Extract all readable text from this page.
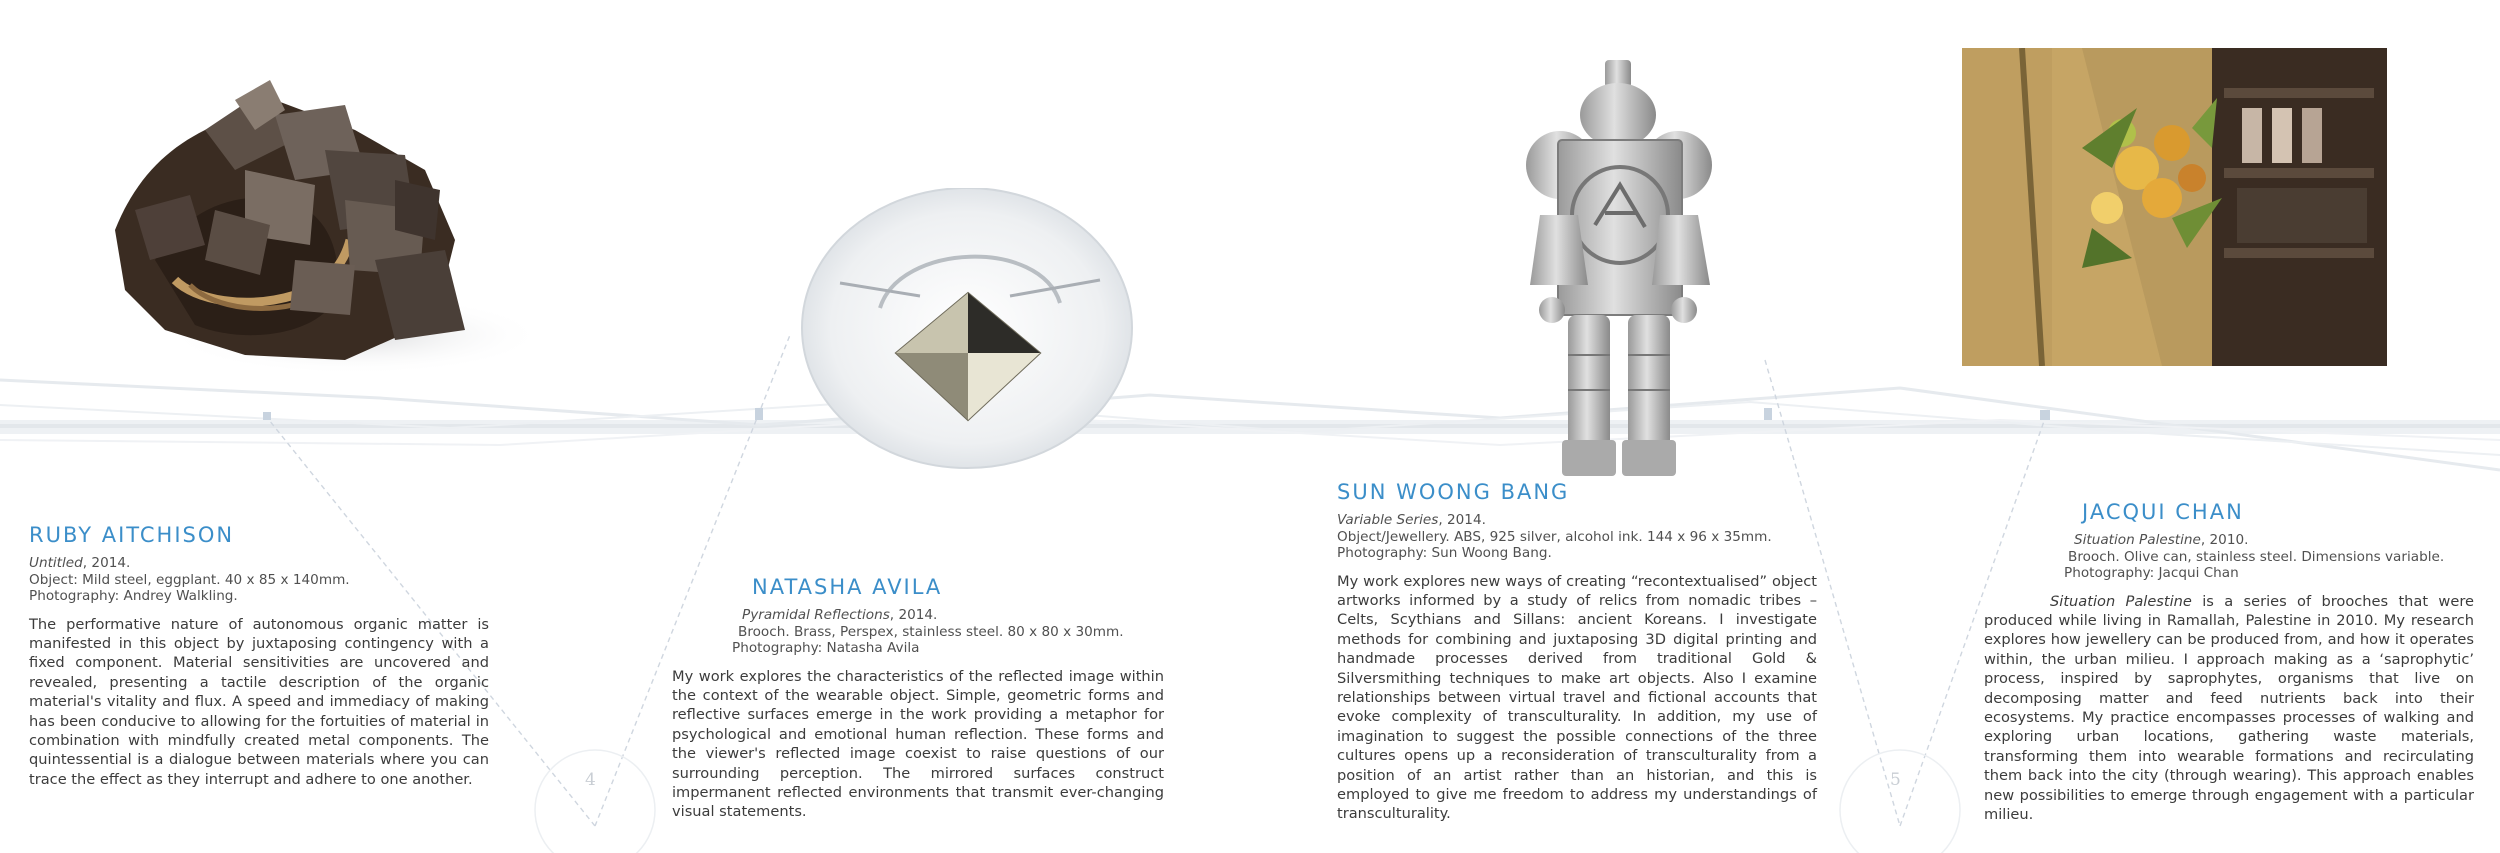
RUBY AITCHISON
Untitled, 2014.
Object: Mild steel, eggplant. 40 x 85 x 140mm.
Photography: Andrey Walkling.
The performative nature of autonomous organic matter is manifested in this object by juxtaposing contingency with a fixed component. Material sensitivities are uncovered and revealed, presenting a tactile description of the organic material's vitality and flux. A speed and immediacy of making has been conducive to allowing for the fortuities of material in combination with mindfully created metal components. The quintessential is a dialogue between materials where you can trace the effect as they interrupt and adhere to one another.
NATASHA AVILA
Pyramidal Reflections, 2014.
Brooch. Brass, Perspex, stainless steel. 80 x 80 x 30mm.
Photography: Natasha Avila
My work explores the characteristics of the reflected image within the context of the wearable object. Simple, geometric forms and reflective surfaces emerge in the work providing a metaphor for psychological and emotional human reflection. These forms and the viewer's reflected image coexist to raise questions of our surrounding perception. The mirrored surfaces construct impermanent reflected environments that transmit ever-changing visual statements.
SUN WOONG BANG
Variable Series, 2014.
Object/Jewellery. ABS, 925 silver, alcohol ink. 144 x 96 x 35mm.
Photography: Sun Woong Bang.
My work explores new ways of creating “recontextualised” object artworks informed by a study of relics from nomadic tribes – Celts, Scythians and Sillans: ancient Koreans. I investigate methods for combining and juxtaposing 3D digital printing and handmade processes derived from traditional Gold & Silversmithing techniques to make art objects. Also I examine relationships between virtual travel and fictional accounts that evoke complexity of transculturality. In addition, my use of imagination to suggest the possible connections of the three cultures opens up a reconsideration of transculturality from a position of an artist rather than an historian, and this is employed to give me freedom to address my understandings of transculturality.
JACQUI CHAN
Situation Palestine, 2010.
Brooch. Olive can, stainless steel. Dimensions variable.
Photography: Jacqui Chan
Situation Palestine is a series of brooches that were produced while living in Ramallah, Palestine in 2010. My research explores how jewellery can be produced from, and how it operates within, the urban milieu. I approach making as a ‘saprophytic’ process, inspired by saprophytes, organisms that live on decomposing matter and feed nutrients back into their ecosystems. My practice encompasses processes of walking and exploring urban locations, gathering waste materials, transforming them into wearable formations and recirculating them back into the city (through wearing). This approach enables new possibilities to emerge through engagement with a particular milieu.
4	5
